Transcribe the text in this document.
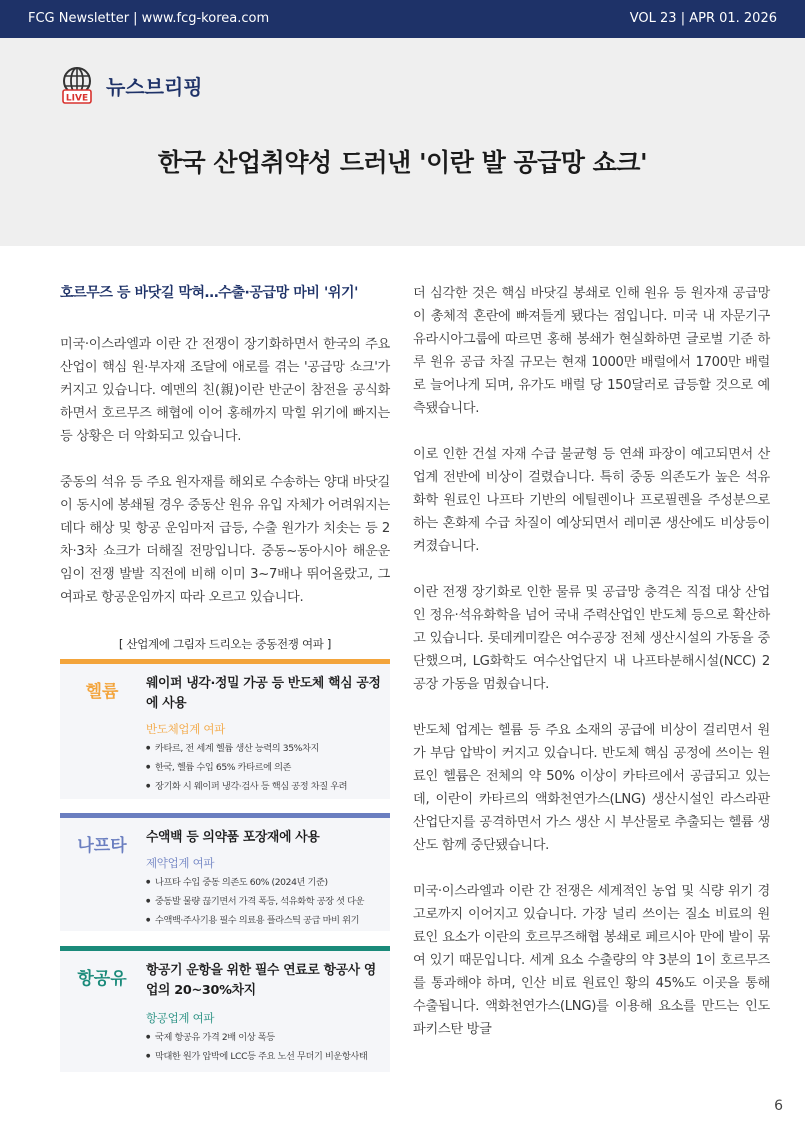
FCG Newsletter | www.fcg-korea.com	VOL 23 | APR 01. 2026
LIVE 뉴스브리핑
한국 산업취약성 드러낸 '이란 발 공급망 쇼크'
호르무즈 등 바닷길 막혀…수출·공급망 마비 '위기'

미국·이스라엘과 이란 간 전쟁이 장기화하면서 한국의 주요 산업이 핵심 원·부자재 조달에 애로를 겪는 '공급망 쇼크'가 커지고 있습니다. 예멘의 친(親)이란 반군이 참전을 공식화하면서 호르무즈 해협에 이어 홍해까지 막힐 위기에 빠지는 등 상황은 더 악화되고 있습니다.

중동의 석유 등 주요 원자재를 해외로 수송하는 양대 바닷길이 동시에 봉쇄될 경우 중동산 원유 유입 자체가 어려워지는 데다 해상 및 항공 운임마저 급등, 수출 원가가 치솟는 등 2차·3차 쇼크가 더해질 전망입니다. 중동~동아시아 해운운임이 전쟁 발발 직전에 비해 이미 3~7배나 뛰어올랐고, 그 여파로 항공운임까지 따라 오르고 있습니다.

[ 산업계에 그림자 드리오는 중동전쟁 여파 ]
헬륨	웨이퍼 냉각·정밀 가공 등 반도체 핵심 공정에 사용
반도체업계 여파
● 카타르, 전 세계 헬륨 생산 능력의 35%차지
● 한국, 헬륨 수입 65% 카타르에 의존
● 장기화 시 웨이퍼 냉각·검사 등 핵심 공정 차질 우려
나프타	수액백 등 의약품 포장재에 사용
제약업계 여파
● 나프타 수입 중동 의존도 60% (2024년 기준)
● 중동발 물량 끊기면서 가격 폭등, 석유화학 공장 셧 다운
● 수액백·주사기용 필수 의료용 플라스틱 공급 마비 위기
항공유	항공기 운항을 위한 필수 연료로 항공사 영업의 20~30%차지
항공업계 여파
● 국제 항공유 가격 2배 이상 폭등
● 막대한 원가 압박에 LCC등 주요 노선 무더기 비운항사태

더 심각한 것은 핵심 바닷길 봉쇄로 인해 원유 등 원자재 공급망이 총체적 혼란에 빠져들게 됐다는 점입니다. 미국 내 자문기구 유라시아그룹에 따르면 홍해 봉쇄가 현실화하면 글로벌 기준 하루 원유 공급 차질 규모는 현재 1000만 배럴에서 1700만 배럴로 늘어나게 되며, 유가도 배럴 당 150달러로 급등할 것으로 예측됐습니다.

이로 인한 건설 자재 수급 불균형 등 연쇄 파장이 예고되면서 산업계 전반에 비상이 걸렸습니다. 특히 중동 의존도가 높은 석유화학 원료인 나프타 기반의 에틸렌이나 프로필렌을 주성분으로 하는 혼화제 수급 차질이 예상되면서 레미콘 생산에도 비상등이 켜졌습니다.

이란 전쟁 장기화로 인한 물류 및 공급망 충격은 직접 대상 산업인 정유·석유화학을 넘어 국내 주력산업인 반도체 등으로 확산하고 있습니다. 롯데케미칼은 여수공장 전체 생산시설의 가동을 중단했으며, LG화학도 여수산업단지 내 나프타분해시설(NCC) 2공장 가동을 멈췄습니다.

반도체 업계는 헬륨 등 주요 소재의 공급에 비상이 걸리면서 원가 부담 압박이 커지고 있습니다. 반도체 핵심 공정에 쓰이는 원료인 헬륨은 전체의 약 50% 이상이 카타르에서 공급되고 있는데, 이란이 카타르의 액화천연가스(LNG) 생산시설인 라스라판 산업단지를 공격하면서 가스 생산 시 부산물로 추출되는 헬륨 생산도 함께 중단됐습니다.

미국·이스라엘과 이란 간 전쟁은 세계적인 농업 및 식량 위기 경고로까지 이어지고 있습니다. 가장 널리 쓰이는 질소 비료의 원료인 요소가 이란의 호르무즈해협 봉쇄로 페르시아 만에 발이 묶여 있기 때문입니다. 세계 요소 수출량의 약 3분의 1이 호르무즈를 통과해야 하며, 인산 비료 원료인 황의 45%도 이곳을 통해 수출됩니다. 액화천연가스(LNG)를 이용해 요소를 만드는 인도 파키스탄 방글

6
